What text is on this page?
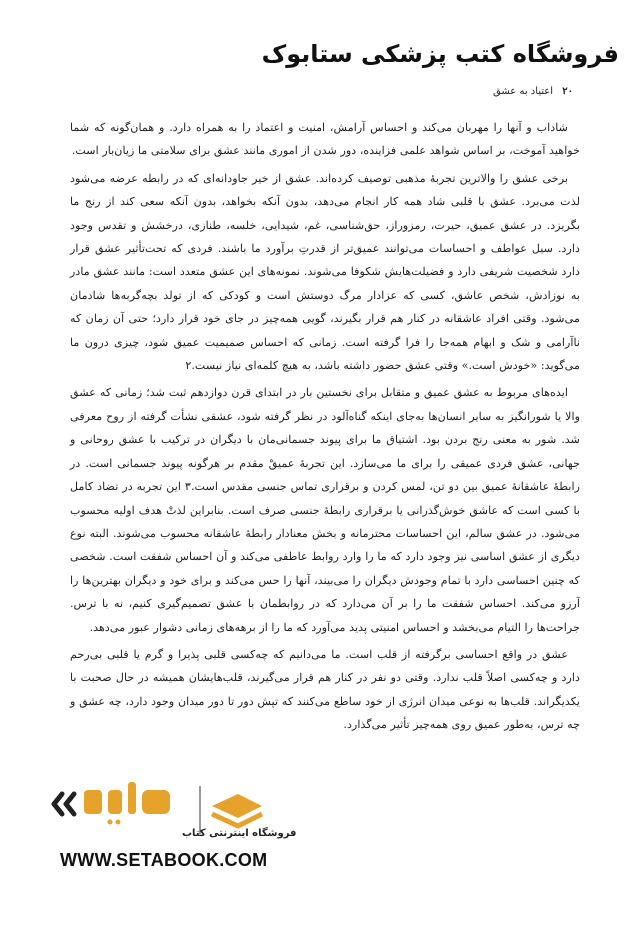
فروشگاه کتب پزشکی ستابوک
۲۰ اعتیاد به عشق

شاداب و آنها را مهربان می‌کند و احساس آرامش، امنیت و اعتماد را به همراه دارد. و همان‌گونه که شما خواهید آموخت، بر اساس شواهد علمی فزاینده، دور شدن از اموری مانند عشق برای سلامتی ما زیان‌بار است.

برخی عشق را والاترین تجربهٔ مذهبی توصیف کرده‌اند. عشق از خیر جاودانه‌ای که در رابطه عرضه می‌شود لذت می‌برد. عشق با قلبی شاد همه کار انجام می‌دهد، بدون آنکه بخواهد، بدون آنکه سعی کند از رنج ما بگریزد. در عشق عمیق، حیرت، رمزوراز، حق‌شناسی، غم، شیدایی، خلسه، طنازی، درخشش و تقدس وجود دارد. سیل عواطف و احساسات می‌توانند عمیق‌تر از قدرتِ برآورد ما باشند. فردی که تحت‌تأثیر عشق قرار دارد شخصیت شریفی دارد و فضیلت‌هایش شکوفا می‌شوند. نمونه‌های این عشق متعدد است: مانند عشق مادر به نوزادش، شخص عاشق، کسی که عزادار مرگ دوستش است و کودکی که از تولد بچه‌گربه‌ها شادمان می‌شود. وقتی افراد عاشقانه در کنار هم قرار بگیرند، گویی همه‌چیز در جای خود قرار دارد؛ حتی آن زمان که ناآرامی و شک و ابهام همه‌جا را فرا گرفته است. زمانی که احساس صمیمیت عمیق شود، چیزی درون ما می‌گوید: «خودش است.» وقتی عشق حضور داشته باشد، به هیچ کلمه‌ای نیاز نیست.۲

ایده‌های مربوط به عشق عمیق و متقابل برای نخستین بار در ابتدای قرن دوازدهم ثبت شد؛ زمانی که عشق والا یا شورانگیز به سایر انسان‌ها به‌جای اینکه گناه‌آلود در نظر گرفته شود، عشقی نشأت گرفته از روح معرفی شد. شور به معنی رنج بردن بود. اشتیاق ما برای پیوند جسمانی‌مان با دیگران در ترکیب با عشق روحانی و جهانی، عشق فردی عمیقی را برای ما می‌سازد. این تجربهٔ عمیقْ مقدم بر هرگونه پیوند جسمانی است. در رابطهٔ عاشقانهٔ عمیق بین دو تن، لمس کردن و برقراری تماس جنسی مقدس است.۳ این تجربه در تضاد کامل با کسی است که عاشق خوش‌گذرانی یا برقراری رابطهٔ جنسی صرف است. بنابراین لذتْ هدف اولیه محسوب می‌شود. در عشق سالم، این احساسات محترمانه و بخش معنادار رابطهٔ عاشقانه محسوب می‌شوند. البته نوع دیگری از عشق اساسی نیز وجود دارد که ما را وارد روابط عاطفی می‌کند و آن احساس شفقت است. شخصی که چنین احساسی دارد با تمام وجودش دیگران را می‌بیند، آنها را حس می‌کند و برای خود و دیگران بهترین‌ها را آرزو می‌کند. احساس شفقت ما را بر آن می‌دارد که در روابطمان با عشق تصمیم‌گیری کنیم، نه با ترس. جراحت‌ها را التیام می‌بخشد و احساس امنیتی پدید می‌آورد که ما را از برهه‌های زمانی دشوار عبور می‌دهد.

عشق در واقع احساسی برگرفته از قلب است. ما می‌دانیم که چه‌کسی قلبی پذیرا و گرم یا قلبی بی‌رحم دارد و چه‌کسی اصلاً قلب ندارد. وقتی دو نفر در کنار هم قرار می‌گیرند، قلب‌هایشان همیشه در حال صحبت با یکدیگراند. قلب‌ها به نوعی میدان انرژی از خود ساطع می‌کنند که تپش دور تا دور میدان وجود دارد، چه عشق و چه ترس، به‌طور عمیق روی همه‌چیز تأثیر می‌گذارد.

فروشگاه اینترنتی کتاب
WWW.SETABOOK.COM
